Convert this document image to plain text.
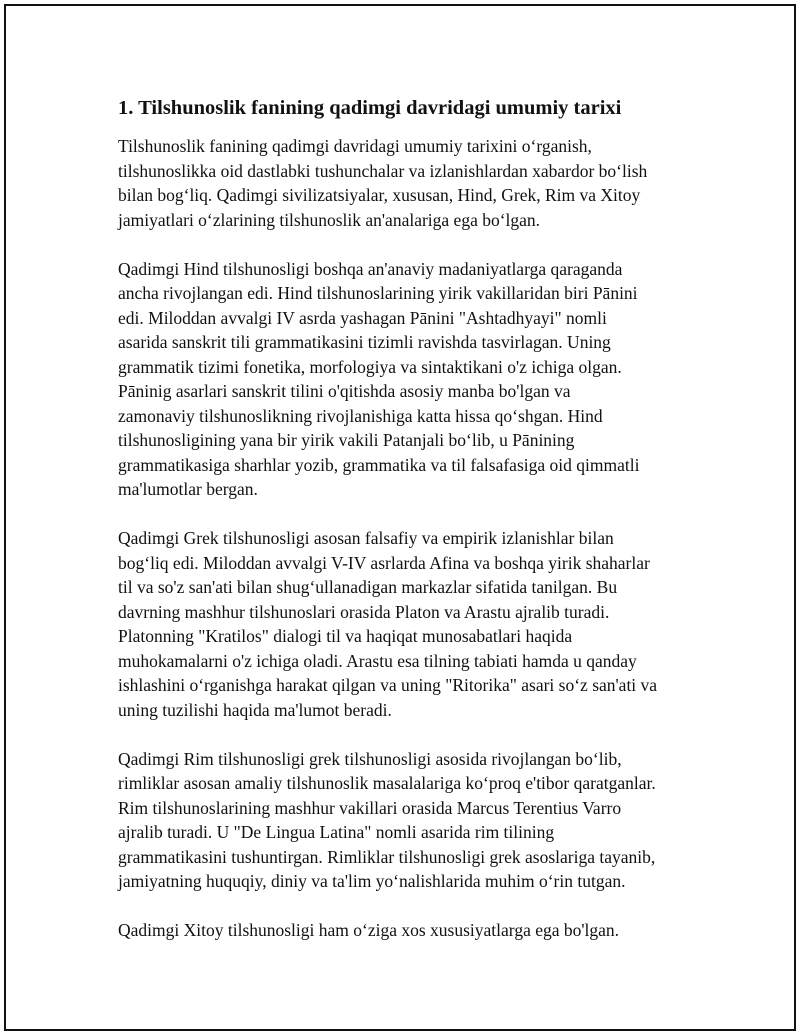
1. Tilshunoslik fanining qadimgi davridagi umumiy tarixi

Tilshunoslik fanining qadimgi davridagi umumiy tarixini o‘rganish,
tilshunoslikka oid dastlabki tushunchalar va izlanishlardan xabardor bo‘lish
bilan bog‘liq. Qadimgi sivilizatsiyalar, xususan, Hind, Grek, Rim va Xitoy
jamiyatlari o‘zlarining tilshunoslik an'analariga ega bo‘lgan.

Qadimgi Hind tilshunosligi boshqa an'anaviy madaniyatlarga qaraganda
ancha rivojlangan edi. Hind tilshunoslarining yirik vakillaridan biri Pānini
edi. Miloddan avvalgi IV asrda yashagan Pānini "Ashtadhyayi" nomli
asarida sanskrit tili grammatikasini tizimli ravishda tasvirlagan. Uning
grammatik tizimi fonetika, morfologiya va sintaktikani o'z ichiga olgan.
Pāninig asarlari sanskrit tilini o'qitishda asosiy manba bo'lgan va
zamonaviy tilshunoslikning rivojlanishiga katta hissa qo‘shgan. Hind
tilshunosligining yana bir yirik vakili Patanjali bo‘lib, u Pānining
grammatikasiga sharhlar yozib, grammatika va til falsafasiga oid qimmatli
ma'lumotlar bergan.

Qadimgi Grek tilshunosligi asosan falsafiy va empirik izlanishlar bilan
bog‘liq edi. Miloddan avvalgi V-IV asrlarda Afina va boshqa yirik shaharlar
til va so'z san'ati bilan shug‘ullanadigan markazlar sifatida tanilgan. Bu
davrning mashhur tilshunoslari orasida Platon va Arastu ajralib turadi.
Platonning "Kratilos" dialogi til va haqiqat munosabatlari haqida
muhokamalarni o'z ichiga oladi. Arastu esa tilning tabiati hamda u qanday
ishlashini o‘rganishga harakat qilgan va uning "Ritorika" asari so‘z san'ati va
uning tuzilishi haqida ma'lumot beradi.

Qadimgi Rim tilshunosligi grek tilshunosligi asosida rivojlangan bo‘lib,
rimliklar asosan amaliy tilshunoslik masalalariga ko‘proq e'tibor qaratganlar.
Rim tilshunoslarining mashhur vakillari orasida Marcus Terentius Varro
ajralib turadi. U "De Lingua Latina" nomli asarida rim tilining
grammatikasini tushuntirgan. Rimliklar tilshunosligi grek asoslariga tayanib,
jamiyatning huquqiy, diniy va ta'lim yo‘nalishlarida muhim o‘rin tutgan.

Qadimgi Xitoy tilshunosligi ham o‘ziga xos xususiyatlarga ega bo'lgan.
